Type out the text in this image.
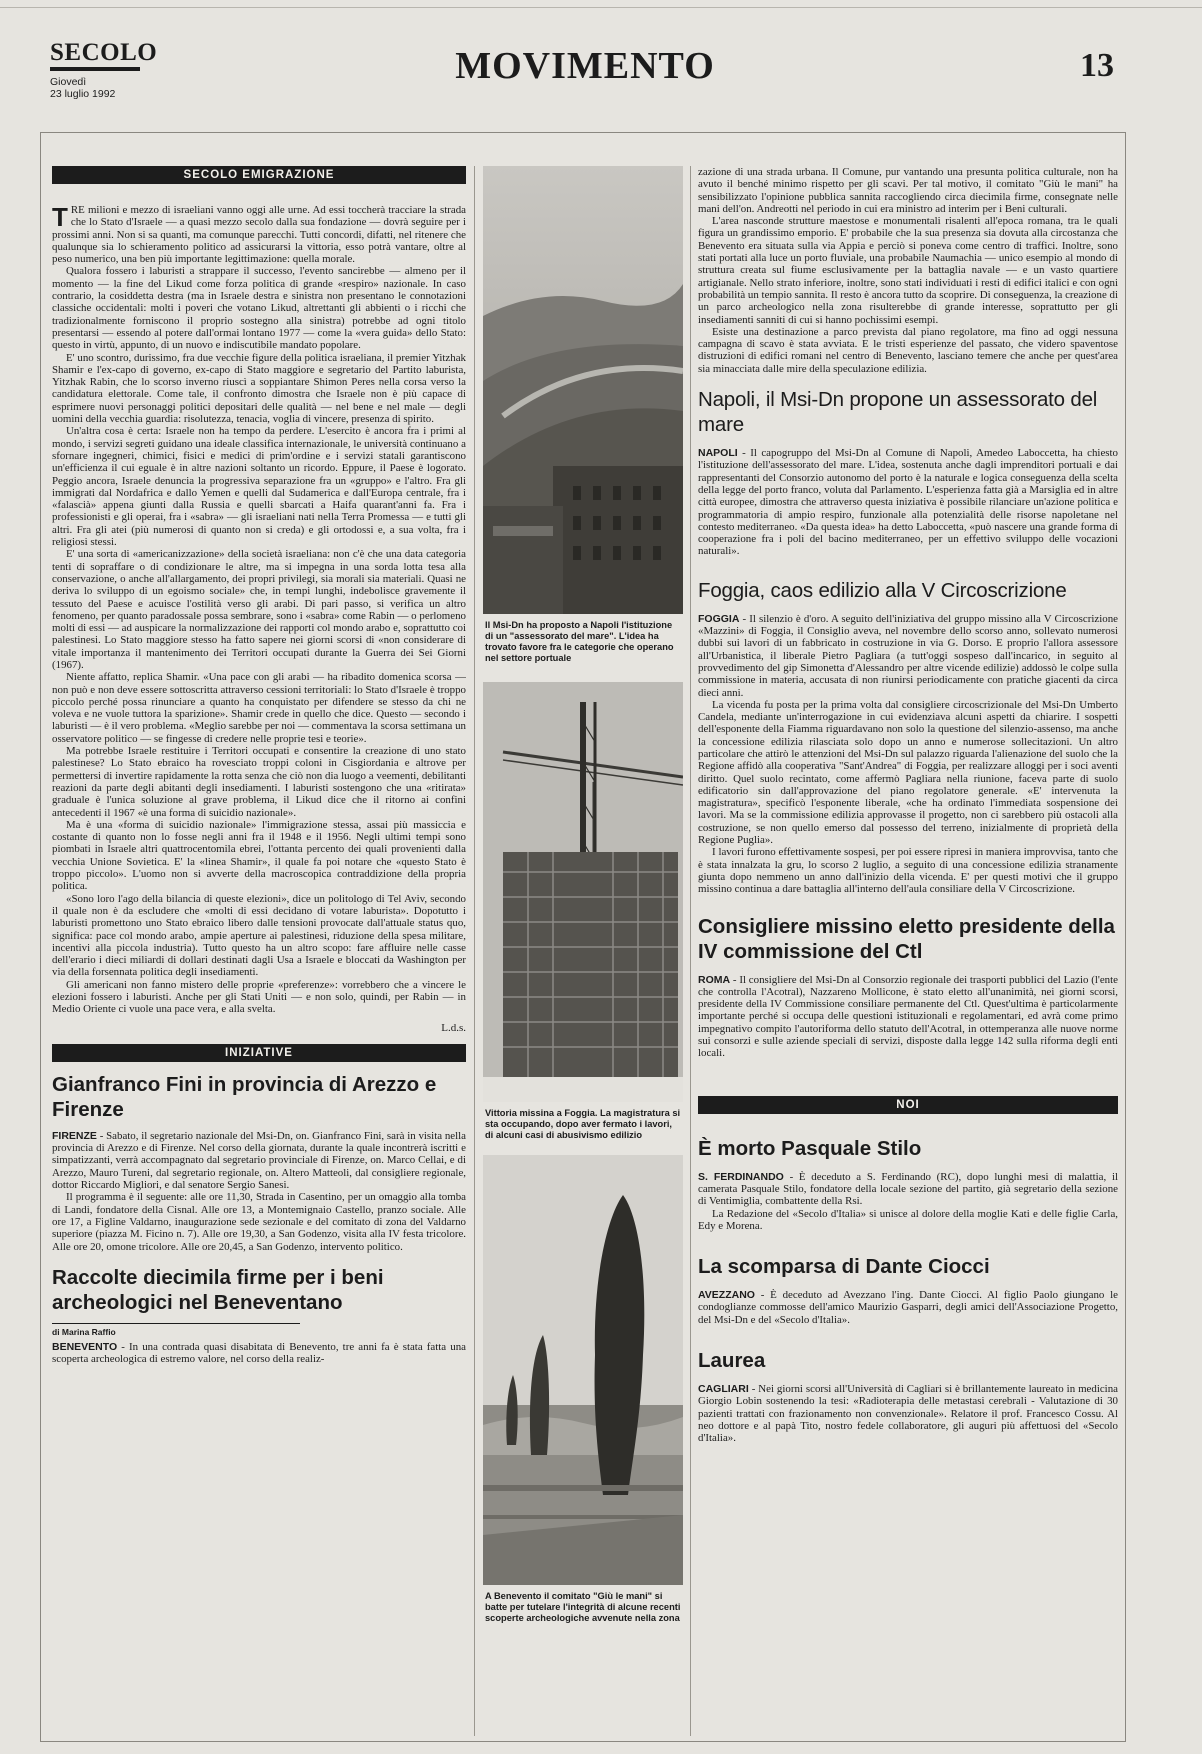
SECOLO
Giovedì
23 luglio 1992
MOVIMENTO	13
SECOLO EMIGRAZIONE

TRE milioni e mezzo di israeliani vanno oggi alle urne. Ad essi toccherà tracciare la strada che lo Stato d'Israele — a quasi mezzo secolo dalla sua fondazione — dovrà seguire per i prossimi anni. Non si sa quanti, ma comunque parecchi. Tutti concordi, difatti, nel ritenere che qualunque sia lo schieramento politico ad assicurarsi la vittoria, esso potrà vantare, oltre al peso numerico, una ben più importante legittimazione: quella morale.

Qualora fossero i laburisti a strappare il successo, l'evento sancirebbe — almeno per il momento — la fine del Likud come forza politica di grande «respiro» nazionale. In caso contrario, la cosiddetta destra (ma in Israele destra e sinistra non presentano le connotazioni classiche occidentali: molti i poveri che votano Likud, altrettanti gli abbienti o i ricchi che tradizionalmente forniscono il proprio sostegno alla sinistra) potrebbe ad ogni titolo presentarsi — essendo al potere dall'ormai lontano 1977 — come la «vera guida» dello Stato: questo in virtù, appunto, di un nuovo e indiscutibile mandato popolare.

E' uno scontro, durissimo, fra due vecchie figure della politica israeliana, il premier Yitzhak Shamir e l'ex-capo di governo, ex-capo di Stato maggiore e segretario del Partito laburista, Yitzhak Rabin, che lo scorso inverno riuscì a soppiantare Shimon Peres nella corsa verso la candidatura elettorale. Come tale, il confronto dimostra che Israele non è più capace di esprimere nuovi personaggi politici depositari delle qualità — nel bene e nel male — degli uomini della vecchia guardia: risolutezza, tenacia, voglia di vincere, presenza di spirito.

Un'altra cosa è certa: Israele non ha tempo da perdere. L'esercito è ancora fra i primi al mondo, i servizi segreti guidano una ideale classifica internazionale, le università continuano a sfornare ingegneri, chimici, fisici e medici di prim'ordine e i servizi statali garantiscono un'efficienza il cui eguale è in altre nazioni soltanto un ricordo. Eppure, il Paese è logorato. Peggio ancora, Israele denuncia la progressiva separazione fra un «gruppo» e l'altro. Fra gli immigrati dal Nordafrica e dallo Yemen e quelli dal Sudamerica e dall'Europa centrale, fra i «falascià» appena giunti dalla Russia e quelli sbarcati a Haifa quarant'anni fa. Fra i professionisti e gli operai, fra i «sabra» — gli israeliani nati nella Terra Promessa — e tutti gli altri. Fra gli atei (più numerosi di quanto non si creda) e gli ortodossi e, a sua volta, fra i religiosi stessi.

E' una sorta di «americanizzazione» della società israeliana: non c'è che una data categoria tenti di sopraffare o di condizionare le altre, ma si impegna in una sorda lotta tesa alla conservazione, o anche all'allargamento, dei propri privilegi, sia morali sia materiali. Quasi ne deriva lo sviluppo di un egoismo sociale» che, in tempi lunghi, indebolisce gravemente il tessuto del Paese e acuisce l'ostilità verso gli arabi. Di pari passo, si verifica un altro fenomeno, per quanto paradossale possa sembrare, sono i «sabra» come Rabin — o perlomeno molti di essi — ad auspicare la normalizzazione dei rapporti col mondo arabo e, soprattutto coi palestinesi. Lo Stato maggiore stesso ha fatto sapere nei giorni scorsi di «non considerare di vitale importanza il mantenimento dei Territori occupati durante la Guerra dei Sei Giorni (1967).

Niente affatto, replica Shamir. «Una pace con gli arabi — ha ribadito domenica scorsa — non può e non deve essere sottoscritta attraverso cessioni territoriali: lo Stato d'Israele è troppo piccolo perché possa rinunciare a quanto ha conquistato per difendere se stesso da chi ne voleva e ne vuole tuttora la sparizione». Shamir crede in quello che dice. Questo — secondo i laburisti — è il vero problema. «Meglio sarebbe per noi — commentava la scorsa settimana un osservatore politico — se fingesse di credere nelle proprie tesi e teorie».

Ma potrebbe Israele restituire i Territori occupati e consentire la creazione di uno stato palestinese? Lo Stato ebraico ha rovesciato troppi coloni in Cisgiordania e altrove per permettersi di invertire rapidamente la rotta senza che ciò non dia luogo a veementi, debilitanti reazioni da parte degli abitanti degli insediamenti. I laburisti sostengono che una «ritirata» graduale è l'unica soluzione al grave problema, il Likud dice che il ritorno ai confini antecedenti il 1967 «è una forma di suicidio nazionale».

Ma è una «forma di suicidio nazionale» l'immigrazione stessa, assai più massiccia e costante di quanto non lo fosse negli anni fra il 1948 e il 1956. Negli ultimi tempi sono piombati in Israele altri quattrocentomila ebrei, l'ottanta percento dei quali provenienti dalla vecchia Unione Sovietica. E' la «linea Shamir», il quale fa poi notare che «questo Stato è troppo piccolo». L'uomo non si avverte della macroscopica contraddizione della propria politica.

«Sono loro l'ago della bilancia di queste elezioni», dice un politologo di Tel Aviv, secondo il quale non è da escludere che «molti di essi decidano di votare laburista». Dopotutto i laburisti promettono uno Stato ebraico libero dalle tensioni provocate dall'attuale status quo, significa: pace col mondo arabo, ampie aperture ai palestinesi, riduzione della spesa militare, incentivi alla piccola industria). Tutto questo ha un altro scopo: fare affluire nelle casse dell'erario i dieci miliardi di dollari destinati dagli Usa a Israele e bloccati da Washington per via della forsennata politica degli insediamenti.

Gli americani non fanno mistero delle proprie «preferenze»: vorrebbero che a vincere le elezioni fossero i laburisti. Anche per gli Stati Uniti — e non solo, quindi, per Rabin — in Medio Oriente ci vuole una pace vera, e alla svelta.

L.d.s.
INIZIATIVE
Gianfranco Fini in provincia di Arezzo e Firenze

FIRENZE - Sabato, il segretario nazionale del Msi-Dn, on. Gianfranco Fini, sarà in visita nella provincia di Arezzo e di Firenze. Nel corso della giornata, durante la quale incontrerà iscritti e simpatizzanti, verrà accompagnato dal segretario provinciale di Firenze, on. Marco Cellai, e di Arezzo, Mauro Tureni, dal segretario regionale, on. Altero Matteoli, dal consigliere regionale, dottor Riccardo Migliori, e dal senatore Sergio Sanesi.

Il programma è il seguente: alle ore 11,30, Strada in Casentino, per un omaggio alla tomba di Landi, fondatore della Cisnal. Alle ore 13, a Montemignaio Castello, pranzo sociale. Alle ore 17, a Figline Valdarno, inaugurazione sede sezionale e del comitato di zona del Valdarno superiore (piazza M. Ficino n. 7). Alle ore 19,30, a San Godenzo, visita alla IV festa tricolore. Alle ore 20, omone tricolore. Alle ore 20,45, a San Godenzo, intervento politico.

Raccolte diecimila firme per i beni archeologici nel Beneventano
di Marina Raffio

BENEVENTO - In una contrada quasi disabitata di Benevento, tre anni fa è stata fatta una scoperta archeologica di estremo valore, nel corso della realiz-

Il Msi-Dn ha proposto a Napoli l'istituzione di un "assessorato del mare". L'idea ha trovato favore fra le categorie che operano nel settore portuale
Vittoria missina a Foggia. La magistratura si sta occupando, dopo aver fermato i lavori, di alcuni casi di abusivismo edilizio
A Benevento il comitato "Giù le mani" si batte per tutelare l'integrità di alcune recenti scoperte archeologiche avvenute nella zona

zazione di una strada urbana. Il Comune, pur vantando una presunta politica culturale, non ha avuto il benché minimo rispetto per gli scavi. Per tal motivo, il comitato "Giù le mani" ha sensibilizzato l'opinione pubblica sannita raccogliendo circa diecimila firme, consegnate nelle mani dell'on. Andreotti nel periodo in cui era ministro ad interim per i Beni culturali.

L'area nasconde strutture maestose e monumentali risalenti all'epoca romana, tra le quali figura un grandissimo emporio. E' probabile che la sua presenza sia dovuta alla circostanza che Benevento era situata sulla via Appia e perciò si poneva come centro di traffici. Inoltre, sono stati portati alla luce un porto fluviale, una probabile Naumachia — unico esempio al mondo di struttura creata sul fiume esclusivamente per la battaglia navale — e un vasto quartiere artigianale. Nello strato inferiore, inoltre, sono stati individuati i resti di edifici italici e con ogni probabilità un tempio sannita. Il resto è ancora tutto da scoprire. Di conseguenza, la creazione di un parco archeologico nella zona risulterebbe di grande interesse, soprattutto per gli insediamenti sanniti di cui si hanno pochissimi esempi.

Esiste una destinazione a parco prevista dal piano regolatore, ma fino ad oggi nessuna campagna di scavo è stata avviata. E le tristi esperienze del passato, che videro spaventose distruzioni di edifici romani nel centro di Benevento, lasciano temere che anche per quest'area sia minacciata dalle mire della speculazione edilizia.

Napoli, il Msi-Dn propone un assessorato del mare

NAPOLI - Il capogruppo del Msi-Dn al Comune di Napoli, Amedeo Laboccetta, ha chiesto l'istituzione dell'assessorato del mare. L'idea, sostenuta anche dagli imprenditori portuali e dai rappresentanti del Consorzio autonomo del porto è la naturale e logica conseguenza della scelta della legge del porto franco, voluta dal Parlamento. L'esperienza fatta già a Marsiglia ed in altre città europee, dimostra che attraverso questa iniziativa è possibile rilanciare un'azione politica e programmatoria di ampio respiro, funzionale alla potenzialità delle risorse napoletane nel contesto mediterraneo. «Da questa idea» ha detto Laboccetta, «può nascere una grande forma di cooperazione fra i poli del bacino mediterraneo, per un effettivo sviluppo delle vocazioni naturali».

Foggia, caos edilizio alla V Circoscrizione

FOGGIA - Il silenzio è d'oro. A seguito dell'iniziativa del gruppo missino alla V Circoscrizione «Mazzini» di Foggia, il Consiglio aveva, nel novembre dello scorso anno, sollevato numerosi dubbi sui lavori di un fabbricato in costruzione in via G. Dorso. E proprio l'allora assessore all'Urbanistica, il liberale Pietro Pagliara (a tutt'oggi sospeso dall'incarico, in seguito al provvedimento del gip Simonetta d'Alessandro per altre vicende edilizie) addossò le colpe sulla commissione in materia, accusata di non riunirsi periodicamente con pratiche giacenti da circa dieci anni.

La vicenda fu posta per la prima volta dal consigliere circoscrizionale del Msi-Dn Umberto Candela, mediante un'interrogazione in cui evidenziava alcuni aspetti da chiarire. I sospetti dell'esponente della Fiamma riguardavano non solo la questione del silenzio-assenso, ma anche la concessione edilizia rilasciata solo dopo un anno e numerose sollecitazioni. Un altro particolare che attirò le attenzioni del Msi-Dn sul palazzo riguarda l'alienazione del suolo che la Regione affidò alla cooperativa "Sant'Andrea" di Foggia, per realizzare alloggi per i soci aventi diritto. Quel suolo recintato, come affermò Pagliara nella riunione, faceva parte di suolo edificatorio sin dall'approvazione del piano regolatore generale. «E' intervenuta la magistratura», specificò l'esponente liberale, «che ha ordinato l'immediata sospensione dei lavori. Ma se la commissione edilizia approvasse il progetto, non ci sarebbero più ostacoli alla costruzione, se non quello emerso dal possesso del terreno, inizialmente di proprietà della Regione Puglia».

I lavori furono effettivamente sospesi, per poi essere ripresi in maniera improvvisa, tanto che è stata innalzata la gru, lo scorso 2 luglio, a seguito di una concessione edilizia stranamente giunta dopo nemmeno un anno dall'inizio della vicenda. E' per questi motivi che il gruppo missino continua a dare battaglia all'interno dell'aula consiliare della V Circoscrizione.

Consigliere missino eletto presidente della IV commissione del Ctl

ROMA - Il consigliere del Msi-Dn al Consorzio regionale dei trasporti pubblici del Lazio (l'ente che controlla l'Acotral), Nazzareno Mollicone, è stato eletto all'unanimità, nei giorni scorsi, presidente della IV Commissione consiliare permanente del Ctl. Quest'ultima è particolarmente importante perché si occupa delle questioni istituzionali e regolamentari, ed avrà come primo impegnativo compito l'autoriforma dello statuto dell'Acotral, in ottemperanza alle nuove norme sui consorzi e sulle aziende speciali di servizi, disposte dalla legge 142 sulla riforma degli enti locali.

NOI
È morto Pasquale Stilo

S. FERDINANDO - È deceduto a S. Ferdinando (RC), dopo lunghi mesi di malattia, il camerata Pasquale Stilo, fondatore della locale sezione del partito, già segretario della sezione di Ventimiglia, combattente della Rsi.

La Redazione del «Secolo d'Italia» si unisce al dolore della moglie Kati e delle figlie Carla, Edy e Morena.

La scomparsa di Dante Ciocci

AVEZZANO - È deceduto ad Avezzano l'ing. Dante Ciocci. Al figlio Paolo giungano le condoglianze commosse dell'amico Maurizio Gasparri, degli amici dell'Associazione Progetto, del Msi-Dn e del «Secolo d'Italia».

Laurea

CAGLIARI - Nei giorni scorsi all'Università di Cagliari si è brillantemente laureato in medicina Giorgio Lobin sostenendo la tesi: «Radioterapia delle metastasi cerebrali - Valutazione di 30 pazienti trattati con frazionamento non convenzionale». Relatore il prof. Francesco Cossu. Al neo dottore e al papà Tito, nostro fedele collaboratore, gli auguri più affettuosi del «Secolo d'Italia».
